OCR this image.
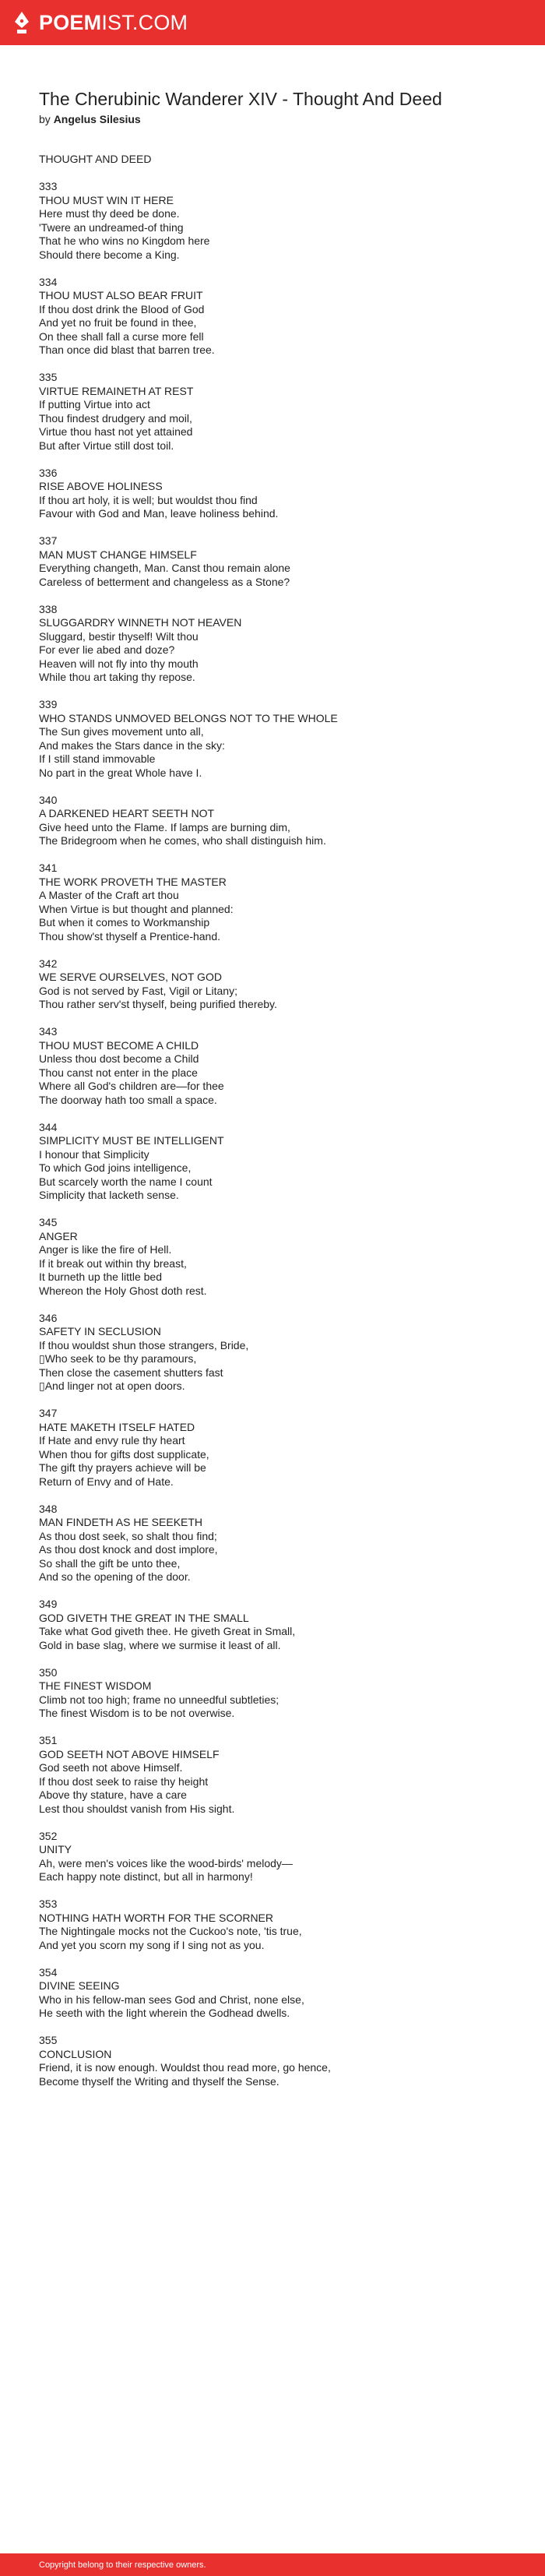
POEMIST.COM
The Cherubinic Wanderer XIV - Thought And Deed
by Angelus Silesius
THOUGHT AND DEED
333
THOU MUST WIN IT HERE
Here must thy deed be done.
'Twere an undreamed-of thing
That he who wins no Kingdom here
Should there become a King.
334
THOU MUST ALSO BEAR FRUIT
If thou dost drink the Blood of God
And yet no fruit be found in thee,
On thee shall fall a curse more fell
Than once did blast that barren tree.
335
VIRTUE REMAINETH AT REST
If putting Virtue into act
Thou findest drudgery and moil,
Virtue thou hast not yet attained
But after Virtue still dost toil.
336
RISE ABOVE HOLINESS
If thou art holy, it is well; but wouldst thou find
Favour with God and Man, leave holiness behind.
337
MAN MUST CHANGE HIMSELF
Everything changeth, Man. Canst thou remain alone
Careless of betterment and changeless as a Stone?
338
SLUGGARDRY WINNETH NOT HEAVEN
Sluggard, bestir thyself! Wilt thou
For ever lie abed and doze?
Heaven will not fly into thy mouth
While thou art taking thy repose.
339
WHO STANDS UNMOVED BELONGS NOT TO THE WHOLE
The Sun gives movement unto all,
And makes the Stars dance in the sky:
If I still stand immovable
No part in the great Whole have I.
340
A DARKENED HEART SEETH NOT
Give heed unto the Flame. If lamps are burning dim,
The Bridegroom when he comes, who shall distinguish him.
341
THE WORK PROVETH THE MASTER
A Master of the Craft art thou
When Virtue is but thought and planned:
But when it comes to Workmanship
Thou show'st thyself a Prentice-hand.
342
WE SERVE OURSELVES, NOT GOD
God is not served by Fast, Vigil or Litany;
Thou rather serv'st thyself, being purified thereby.
343
THOU MUST BECOME A CHILD
Unless thou dost become a Child
Thou canst not enter in the place
Where all God's children are—for thee
The doorway hath too small a space.
344
SIMPLICITY MUST BE INTELLIGENT
I honour that Simplicity
To which God joins intelligence,
But scarcely worth the name I count
Simplicity that lacketh sense.
345
ANGER
Anger is like the fire of Hell.
If it break out within thy breast,
It burneth up the little bed
Whereon the Holy Ghost doth rest.
346
SAFETY IN SECLUSION
If thou wouldst shun those strangers, Bride,
▯Who seek to be thy paramours,
Then close the casement shutters fast
▯And linger not at open doors.
347
HATE MAKETH ITSELF HATED
If Hate and envy rule thy heart
When thou for gifts dost supplicate,
The gift thy prayers achieve will be
Return of Envy and of Hate.
348
MAN FINDETH AS HE SEEKETH
As thou dost seek, so shalt thou find;
As thou dost knock and dost implore,
So shall the gift be unto thee,
And so the opening of the door.
349
GOD GIVETH THE GREAT IN THE SMALL
Take what God giveth thee. He giveth Great in Small,
Gold in base slag, where we surmise it least of all.
350
THE FINEST WISDOM
Climb not too high; frame no unneedful subtleties;
The finest Wisdom is to be not overwise.
351
GOD SEETH NOT ABOVE HIMSELF
God seeth not above Himself.
If thou dost seek to raise thy height
Above thy stature, have a care
Lest thou shouldst vanish from His sight.
352
UNITY
Ah, were men's voices like the wood-birds' melody—
Each happy note distinct, but all in harmony!
353
NOTHING HATH WORTH FOR THE SCORNER
The Nightingale mocks not the Cuckoo's note, 'tis true,
And yet you scorn my song if I sing not as you.
354
DIVINE SEEING
Who in his fellow-man sees God and Christ, none else,
He seeth with the light wherein the Godhead dwells.
355
CONCLUSION
Friend, it is now enough. Wouldst thou read more, go hence,
Become thyself the Writing and thyself the Sense.
Copyright belong to their respective owners.
